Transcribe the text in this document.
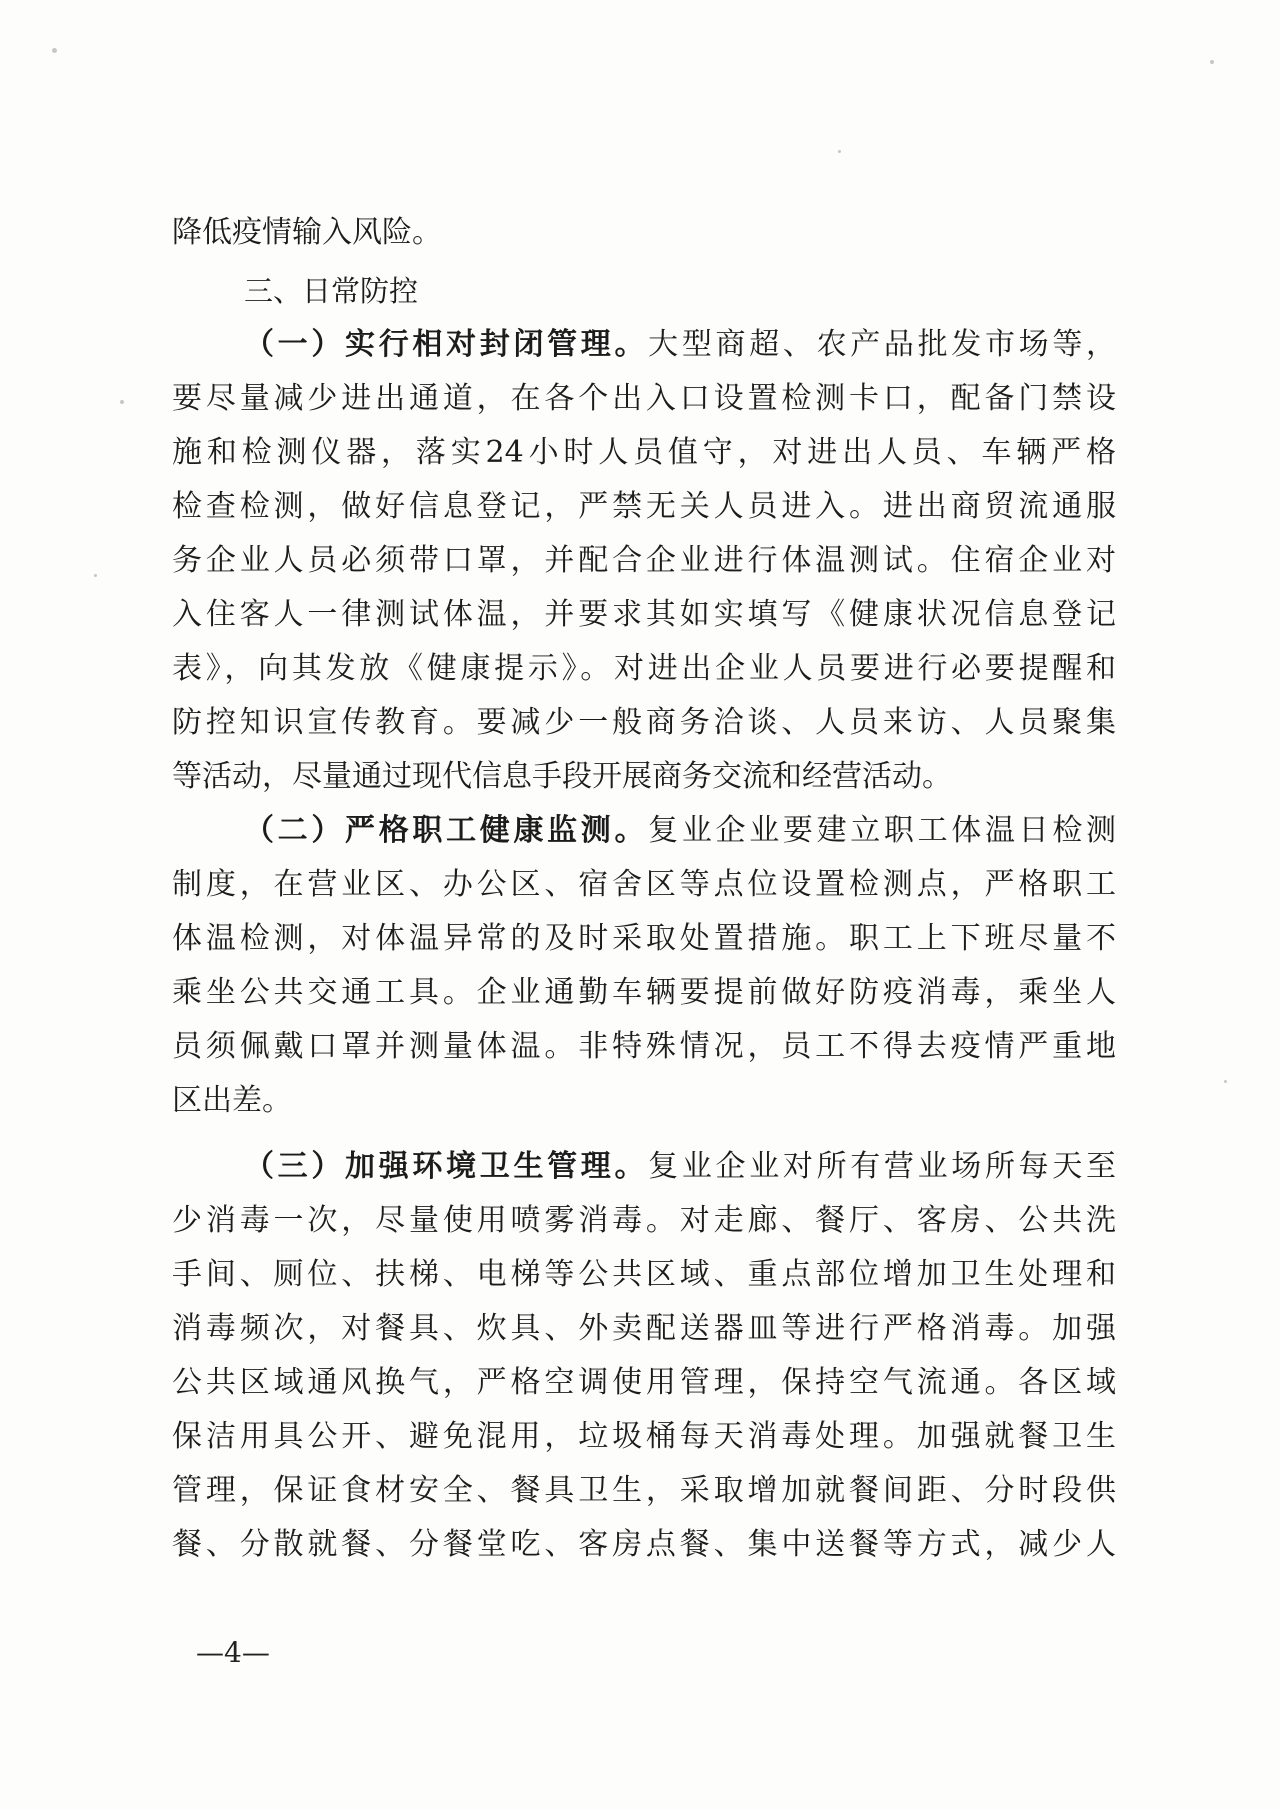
降低疫情输入风险。
三、日常防控
（一）实行相对封闭管理。大型商超、农产品批发市场等，
要尽量减少进出通道，在各个出入口设置检测卡口，配备门禁设
施和检测仪器，落实24小时人员值守，对进出人员、车辆严格
检查检测，做好信息登记，严禁无关人员进入。进出商贸流通服
务企业人员必须带口罩，并配合企业进行体温测试。住宿企业对
入住客人一律测试体温，并要求其如实填写《健康状况信息登记
表》，向其发放《健康提示》。对进出企业人员要进行必要提醒和
防控知识宣传教育。要减少一般商务洽谈、人员来访、人员聚集
等活动，尽量通过现代信息手段开展商务交流和经营活动。
（二）严格职工健康监测。复业企业要建立职工体温日检测
制度，在营业区、办公区、宿舍区等点位设置检测点，严格职工
体温检测，对体温异常的及时采取处置措施。职工上下班尽量不
乘坐公共交通工具。企业通勤车辆要提前做好防疫消毒，乘坐人
员须佩戴口罩并测量体温。非特殊情况，员工不得去疫情严重地
区出差。
（三）加强环境卫生管理。复业企业对所有营业场所每天至
少消毒一次，尽量使用喷雾消毒。对走廊、餐厅、客房、公共洗
手间、厕位、扶梯、电梯等公共区域、重点部位增加卫生处理和
消毒频次，对餐具、炊具、外卖配送器皿等进行严格消毒。加强
公共区域通风换气，严格空调使用管理，保持空气流通。各区域
保洁用具公开、避免混用，垃圾桶每天消毒处理。加强就餐卫生
管理，保证食材安全、餐具卫生，采取增加就餐间距、分时段供
餐、分散就餐、分餐堂吃、客房点餐、集中送餐等方式，减少人
—4—
